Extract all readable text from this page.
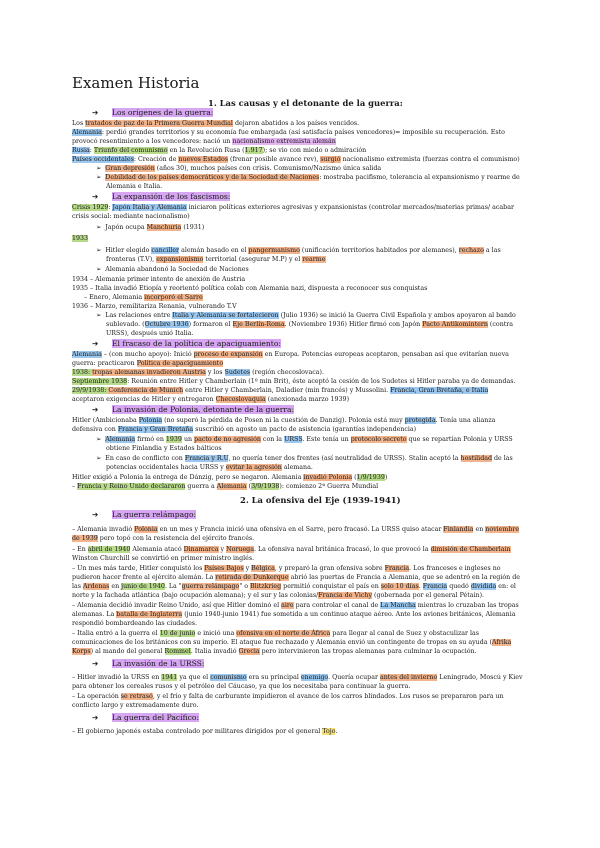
Examen Historia
1. Las causas y el detonante de la guerra:
➔ Los orígenes de la guerra:
Los tratados de paz de la Primera Guerra Mundial dejaron abatidos a los países vencidos.
Alemania: perdió grandes territorios y su economía fue embargada (así satisfacía países vencedores)= imposible su recuperación. Esto
provocó resentimiento a los vencedores: nació un nacionalismo extremista alemán
Rusia: Triunfo del comunismo en la Revolución Rusa (1.917); se vio con miedo o admiración
Países occidentales: Creación de nuevos Estados (frenar posible avance rev), surgió nacionalismo extremista (fuerzas contra el comunismo)
➢ Gran depresión (años 30), muchos países con crisis. Comunismo/Nazismo única salida
➢ Debilidad de los países democráticos y de la Sociedad de Naciones: mostraba pacifismo, tolerancia al expansionismo y rearme de
Alemania e Italia.
➔ La expansión de los fascismos:
Crisis 1929: Japón Italia y Alemania iniciaron políticas exteriores agresivas y expansionistas (controlar mercados/materias primas/ acabar
crisis social: mediante nacionalismo)
➢ Japón ocupa Manchuria (1931)
1933
➢ Hitler elegido canciller alemán basado en el pangermanismo (unificación territorios habitados por alemanes), rechazo a las
fronteras (T.V), expansionismo territorial (asegurar M.P) y el rearme
➢ Alemania abandonó la Sociedad de Naciones
1934 – Alemania primer intento de anexión de Austria
1935 – Italia invadió Etiopía y reorientó política colab con Alemania nazi, dispuesta a reconocer sus conquistas
– Enero, Alemania incorporó el Sarre
1936 – Marzo, remilitariza Renania, vulnerando T.V
➢ Las relaciones entre Italia y Alemania se fortalecieron (Julio 1936) se inició la Guerra Civil Española y ambos apoyaron al bando
sublevado. (Octubre 1936) formaron el Eje Berlín-Roma. (Noviembre 1936) Hitler firmó con Japón Pacto Antikomintern (contra
URSS), después unió Italia.
➔ El fracaso de la política de apaciguamiento:
Alemania – (con mucho apoyo): Inició proceso de expansión en Europa. Potencias europeas aceptaron, pensaban así que evitarían nueva
guerra: practicaron Política de apaciguamiento
1938: tropas alemanas invadieron Austria y los Sudetes (región checoslovaca).
Septiembre 1938: Reunión entre Hitler y Chamberlain (1º min Brit), éste aceptó la cesión de los Sudetes si Hitler paraba ya de demandas.
29/9/1938: Conferencia de Munich entre Hitler y Chamberlain, Daladier (min francés) y Mussolini. Francia, Gran Bretaña, e Italia
aceptaron exigencias de Hitler y entregaron Checoslovaquia (anexionada marzo 1939)
➔ La invasión de Polonia, detonante de la guerra:
Hitler (Ambicionaba Polonia (no superó la pérdida de Posen ni la cuestión de Danzig). Polonia está muy protegida. Tenía una alianza
defensiva con Francia y Gran Bretaña suscribió en agosto un pacto de asistencia (garantías independencia)
➢ Alemania firmó en 1939 un pacto de no agresión con la URSS. Este tenía un protocolo secreto que se repartían Polonia y URSS
obtiene Finlandia y Estados bálticos
➢ En caso de conflicto con Francia y R.U, no quería tener dos frentes (así neutralidad de URSS). Stalin aceptó la hostilidad de las
potencias occidentales hacia URSS y evitar la agresión alemana.
Hitler exigió a Polonia la entrega de Dánzig, pero se negaron. Alemania invadió Polonia (1/9/1939)
– Francia y Reino Unido declararon guerra a Alemania (3/9/1938): comienzo 2ª Guerra Mundial
2. La ofensiva del Eje (1939-1941)
➔ La guerra relámpago:
– Alemania invadió Polonia en un mes y Francia inició una ofensiva en el Sarre, pero fracasó. La URSS quiso atacar Finlandia en noviembre
de 1939 pero topó con la resistencia del ejército francés.
– En abril de 1940 Alemania atacó Dinamarca y Noruega. La ofensiva naval británica fracasó, lo que provocó la dimisión de Chamberlain
Winston Churchill se convirtió en primer ministro inglés.
– Un mes más tarde, Hitler conquistó los Países Bajos y Bélgica, y preparó la gran ofensiva sobre Francia. Los franceses e ingleses no
pudieron hacer frente al ejército alemán. La retirada de Dunkerque abrió las puertas de Francia a Alemania, que se adentró en la región de
las Ardenas en junio de 1940. La "guerra relámpago" o Blitzkrieg permitió conquistar el país en solo 10 días. Francia quedó dividida en: el
norte y la fachada atlántica (bajo ocupación alemana); y el sur y las colonias/Francia de Vichy (gobernada por el general Pétain).
– Alemania decidió invadir Reino Unido, así que Hitler dominó el aire para controlar el canal de La Mancha mientras lo cruzaban las tropas
alemanas. La batalla de Inglaterra (junio 1940-junio 1941) fue sometida a un continuo ataque aéreo. Ante los aviones británicos, Alemania
respondió bombardeando las ciudades.
– Italia entró a la guerra el 10 de junio e inició una ofensiva en el norte de África para llegar al canal de Suez y obstaculizar las
comunicaciones de los británicos con su imperio. El ataque fue rechazado y Alemania envió un contingente de tropas en su ayuda (Afrika
Korps) al mando del general Rommel. Italia invadió Grecia pero intervinieron las tropas alemanas para culminar la ocupación.
➔ La invasión de la URSS:
– Hitler invadió la URSS en 1941 ya que el comunismo era su principal enemigo. Quería ocupar antes del invierno Leningrado, Moscú y Kiev
para obtener los cereales rusos y el petróleo del Cáucaso, ya que los necesitaba para continuar la guerra.
– La operación se retrasó, y el frío y falta de carburante impidieron el avance de los carros blindados. Los rusos se prepararon para un
conflicto largo y extremadamente duro.
➔ La guerra del Pacífico:
– El gobierno japonés estaba controlado por militares dirigidos por el general Tojo.
